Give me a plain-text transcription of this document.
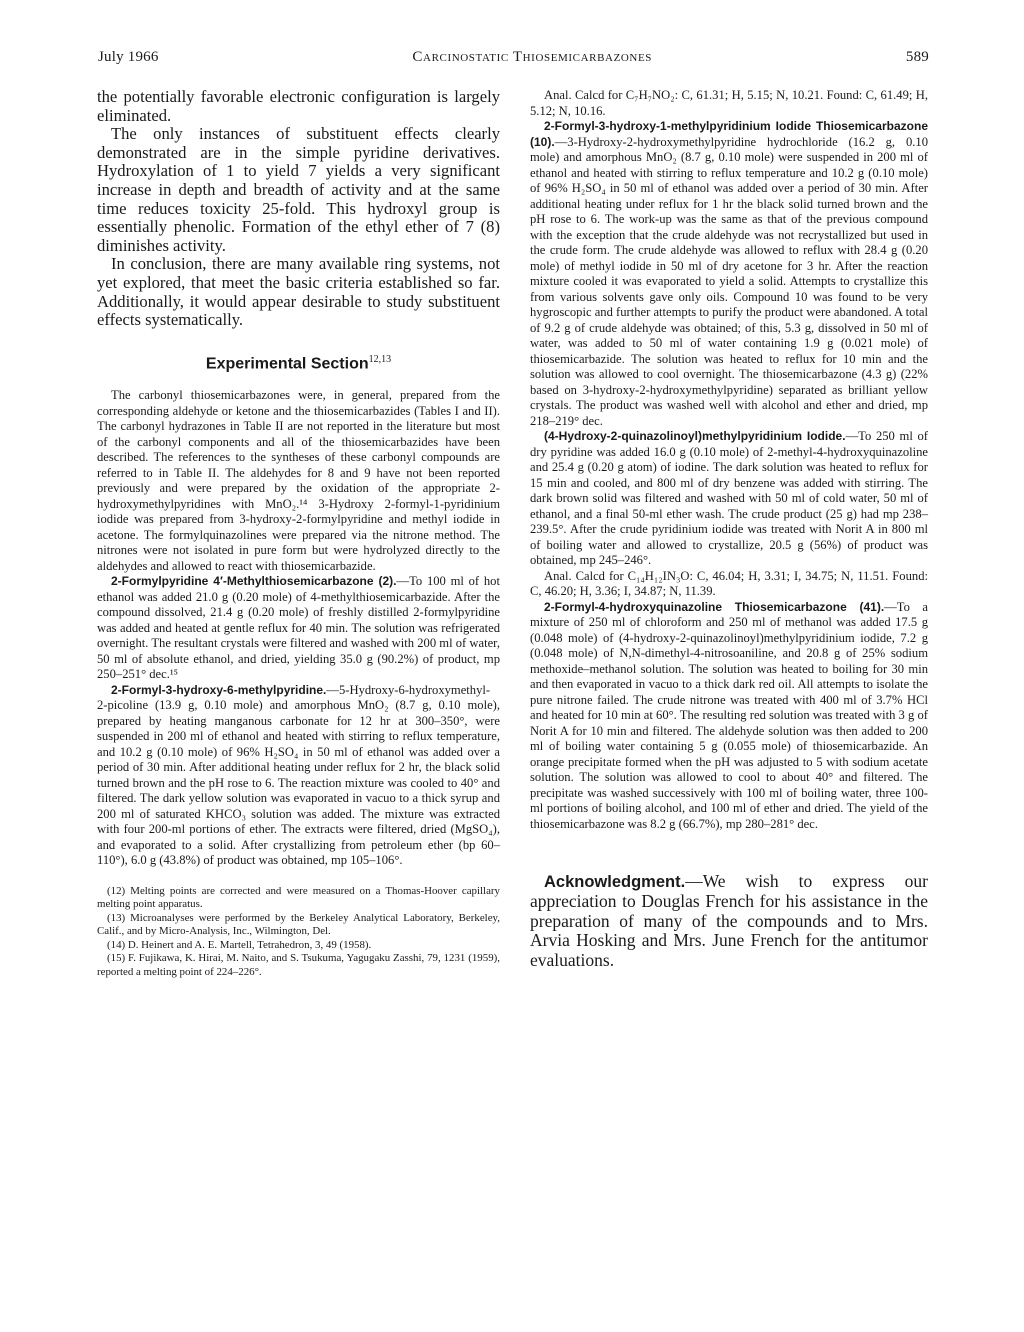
July 1966	Carcinostatic Thiosemicarbazones	589

the potentially favorable electronic configuration is largely eliminated.

The only instances of substituent effects clearly demonstrated are in the simple pyridine derivatives. Hydroxylation of 1 to yield 7 yields a very significant increase in depth and breadth of activity and at the same time reduces toxicity 25-fold. This hydroxyl group is essentially phenolic. Formation of the ethyl ether of 7 (8) diminishes activity.

In conclusion, there are many available ring systems, not yet explored, that meet the basic criteria established so far. Additionally, it would appear desirable to study substituent effects systematically.

Experimental Section$^{12,13}$

The carbonyl thiosemicarbazones were, in general, prepared from the corresponding aldehyde or ketone and the thiosemicarbazides (Tables I and II). The carbonyl hydrazones in Table II are not reported in the literature but most of the carbonyl components and all of the thiosemicarbazides have been described. The references to the syntheses of these carbonyl compounds are referred to in Table II. The aldehydes for 8 and 9 have not been reported previously and were prepared by the oxidation of the appropriate 2-hydroxymethylpyridines with MnO₂.¹⁴ 3-Hydroxy 2-formyl-1-pyridinium iodide was prepared from 3-hydroxy-2-formylpyridine and methyl iodide in acetone. The formylquinazolines were prepared via the nitrone method. The nitrones were not isolated in pure form but were hydrolyzed directly to the aldehydes and allowed to react with thiosemicarbazide.

2-Formylpyridine 4′-Methylthiosemicarbazone (2).—To 100 ml of hot ethanol was added 21.0 g (0.20 mole) of 4-methylthiosemicarbazide. After the compound dissolved, 21.4 g (0.20 mole) of freshly distilled 2-formylpyridine was added and heated at gentle reflux for 40 min. The solution was refrigerated overnight. The resultant crystals were filtered and washed with 200 ml of water, 50 ml of absolute ethanol, and dried, yielding 35.0 g (90.2%) of product, mp 250–251° dec.¹⁵

2-Formyl-3-hydroxy-6-methylpyridine.—5-Hydroxy-6-hydroxymethyl-2-picoline (13.9 g, 0.10 mole) and amorphous MnO₂ (8.7 g, 0.10 mole), prepared by heating manganous carbonate for 12 hr at 300–350°, were suspended in 200 ml of ethanol and heated with stirring to reflux temperature, and 10.2 g (0.10 mole) of 96% H₂SO₄ in 50 ml of ethanol was added over a period of 30 min. After additional heating under reflux for 2 hr, the black solid turned brown and the pH rose to 6. The reaction mixture was cooled to 40° and filtered. The dark yellow solution was evaporated in vacuo to a thick syrup and 200 ml of saturated KHCO₃ solution was added. The mixture was extracted with four 200-ml portions of ether. The extracts were filtered, dried (MgSO₄), and evaporated to a solid. After crystallizing from petroleum ether (bp 60–110°), 6.0 g (43.8%) of product was obtained, mp 105–106°.

(12) Melting points are corrected and were measured on a Thomas-Hoover capillary melting point apparatus.

(13) Microanalyses were performed by the Berkeley Analytical Laboratory, Berkeley, Calif., and by Micro-Analysis, Inc., Wilmington, Del.

(14) D. Heinert and A. E. Martell, Tetrahedron, 3, 49 (1958).

(15) F. Fujikawa, K. Hirai, M. Naito, and S. Tsukuma, Yagugaku Zasshi, 79, 1231 (1959), reported a melting point of 224–226°.

Anal. Calcd for C₇H₇NO₂: C, 61.31; H, 5.15; N, 10.21. Found: C, 61.49; H, 5.12; N, 10.16.

2-Formyl-3-hydroxy-1-methylpyridinium Iodide Thiosemicarbazone (10).—3-Hydroxy-2-hydroxymethylpyridine hydrochloride (16.2 g, 0.10 mole) and amorphous MnO₂ (8.7 g, 0.10 mole) were suspended in 200 ml of ethanol and heated with stirring to reflux temperature and 10.2 g (0.10 mole) of 96% H₂SO₄ in 50 ml of ethanol was added over a period of 30 min. After additional heating under reflux for 1 hr the black solid turned brown and the pH rose to 6. The work-up was the same as that of the previous compound with the exception that the crude aldehyde was not recrystallized but used in the crude form. The crude aldehyde was allowed to reflux with 28.4 g (0.20 mole) of methyl iodide in 50 ml of dry acetone for 3 hr. After the reaction mixture cooled it was evaporated to yield a solid. Attempts to crystallize this from various solvents gave only oils. Compound 10 was found to be very hygroscopic and further attempts to purify the product were abandoned. A total of 9.2 g of crude aldehyde was obtained; of this, 5.3 g, dissolved in 50 ml of water, was added to 50 ml of water containing 1.9 g (0.021 mole) of thiosemicarbazide. The solution was heated to reflux for 10 min and the solution was allowed to cool overnight. The thiosemicarbazone (4.3 g) (22% based on 3-hydroxy-2-hydroxymethylpyridine) separated as brilliant yellow crystals. The product was washed well with alcohol and ether and dried, mp 218–219° dec.

(4-Hydroxy-2-quinazolinoyl)methylpyridinium Iodide.—To 250 ml of dry pyridine was added 16.0 g (0.10 mole) of 2-methyl-4-hydroxyquinazoline and 25.4 g (0.20 g atom) of iodine. The dark solution was heated to reflux for 15 min and cooled, and 800 ml of dry benzene was added with stirring. The dark brown solid was filtered and washed with 50 ml of cold water, 50 ml of ethanol, and a final 50-ml ether wash. The crude product (25 g) had mp 238–239.5°. After the crude pyridinium iodide was treated with Norit A in 800 ml of boiling water and allowed to crystallize, 20.5 g (56%) of product was obtained, mp 245–246°.

Anal. Calcd for C₁₄H₁₂IN₃O: C, 46.04; H, 3.31; I, 34.75; N, 11.51. Found: C, 46.20; H, 3.36; I, 34.87; N, 11.39.

2-Formyl-4-hydroxyquinazoline Thiosemicarbazone (41).—To a mixture of 250 ml of chloroform and 250 ml of methanol was added 17.5 g (0.048 mole) of (4-hydroxy-2-quinazolinoyl)methylpyridinium iodide, 7.2 g (0.048 mole) of N,N-dimethyl-4-nitrosoaniline, and 20.8 g of 25% sodium methoxide–methanol solution. The solution was heated to boiling for 30 min and then evaporated in vacuo to a thick dark red oil. All attempts to isolate the pure nitrone failed. The crude nitrone was treated with 400 ml of 3.7% HCl and heated for 10 min at 60°. The resulting red solution was treated with 3 g of Norit A for 10 min and filtered. The aldehyde solution was then added to 200 ml of boiling water containing 5 g (0.055 mole) of thiosemicarbazide. An orange precipitate formed when the pH was adjusted to 5 with sodium acetate solution. The solution was allowed to cool to about 40° and filtered. The precipitate was washed successively with 100 ml of boiling water, three 100-ml portions of boiling alcohol, and 100 ml of ether and dried. The yield of the thiosemicarbazone was 8.2 g (66.7%), mp 280–281° dec.

Acknowledgment.—We wish to express our appreciation to Douglas French for his assistance in the preparation of many of the compounds and to Mrs. Arvia Hosking and Mrs. June French for the antitumor evaluations.
